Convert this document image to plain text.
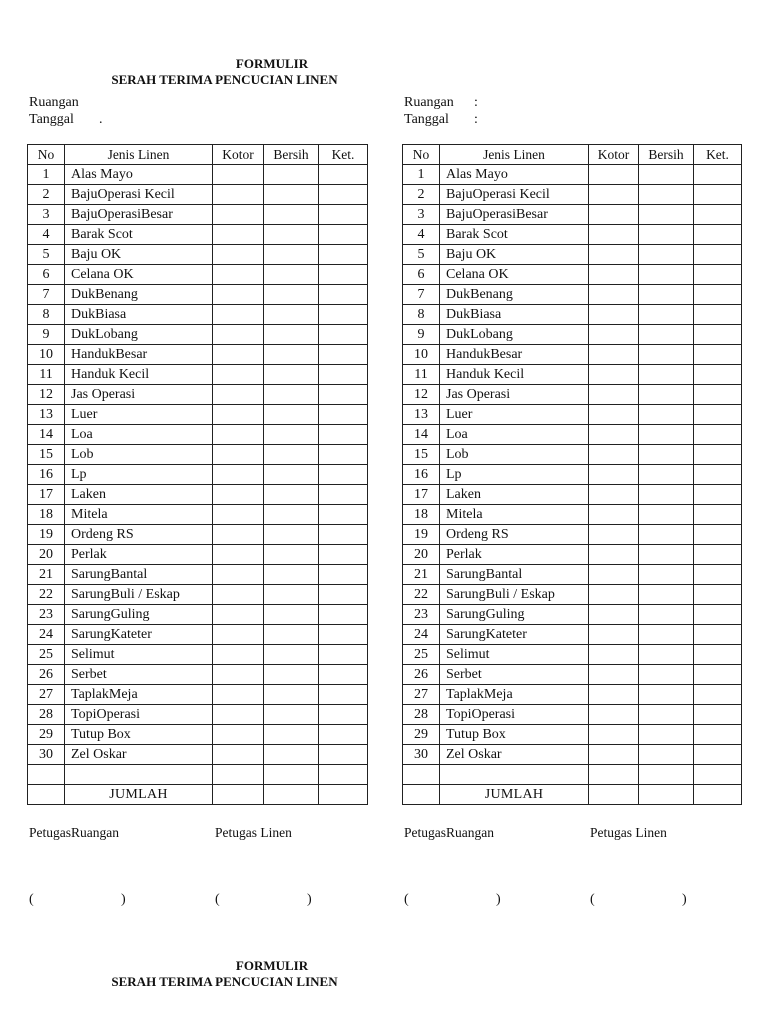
FORMULIR
SERAH TERIMA PENCUCIAN LINEN
Ruangan
Tanggal	.
Ruangan	:
Tanggal	:
No	Jenis Linen	Kotor	Bersih	Ket.
1	Alas Mayo			
2	BajuOperasi Kecil			
3	BajuOperasiBesar			
4	Barak Scot			
5	Baju OK			
6	Celana OK			
7	DukBenang			
8	DukBiasa			
9	DukLobang			
10	HandukBesar			
11	Handuk Kecil			
12	Jas Operasi			
13	Luer			
14	Loa			
15	Lob			
16	Lp			
17	Laken			
18	Mitela			
19	Ordeng RS			
20	Perlak			
21	SarungBantal			
22	SarungBuli / Eskap			
23	SarungGuling			
24	SarungKateter			
25	Selimut			
26	Serbet			
27	TaplakMeja			
28	TopiOperasi			
29	Tutup Box			
30	Zel Oskar			

	JUMLAH			
No	Jenis Linen	Kotor	Bersih	Ket.
1	Alas Mayo			
2	BajuOperasi Kecil			
3	BajuOperasiBesar			
4	Barak Scot			
5	Baju OK			
6	Celana OK			
7	DukBenang			
8	DukBiasa			
9	DukLobang			
10	HandukBesar			
11	Handuk Kecil			
12	Jas Operasi			
13	Luer			
14	Loa			
15	Lob			
16	Lp			
17	Laken			
18	Mitela			
19	Ordeng RS			
20	Perlak			
21	SarungBantal			
22	SarungBuli / Eskap			
23	SarungGuling			
24	SarungKateter			
25	Selimut			
26	Serbet			
27	TaplakMeja			
28	TopiOperasi			
29	Tutup Box			
30	Zel Oskar			

	JUMLAH			
PetugasRuangan	Petugas Linen	PetugasRuangan	Petugas Linen
(	)	(	)	(	)	(	)
FORMULIR
SERAH TERIMA PENCUCIAN LINEN
